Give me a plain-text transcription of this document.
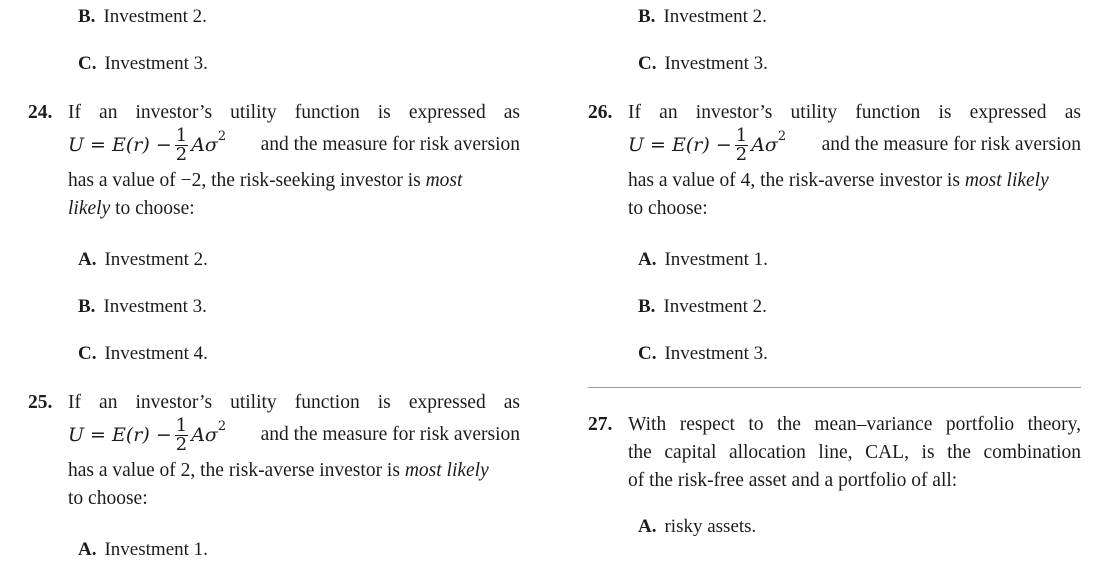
B. Investment 2.
C. Investment 3.
24. If an investor’s utility function is expressed as
$U = E(r) - \frac{1}{2}$ Aσ 2	and the measure for risk aversion
has a value of −2, the risk-seeking investor is most
likely to choose:
A. Investment 2.
B. Investment 3.
C. Investment 4.
25. If an investor’s utility function is expressed as
$U = E(r) - \frac{1}{2}$ Aσ 2	and the measure for risk aversion
has a value of 2, the risk-averse investor is most likely
to choose:
A. Investment 1.
B. Investment 2.
C. Investment 3.
26. If an investor’s utility function is expressed as
$U = E(r) - \frac{1}{2}$ Aσ 2	and the measure for risk aversion
has a value of 4, the risk-averse investor is most likely
to choose:
A. Investment 1.
B. Investment 2.
C. Investment 3.
27. With respect to the mean–variance portfolio theory,
the capital allocation line, CAL, is the combination
of the risk-free asset and a portfolio of all:
A. risky assets.
